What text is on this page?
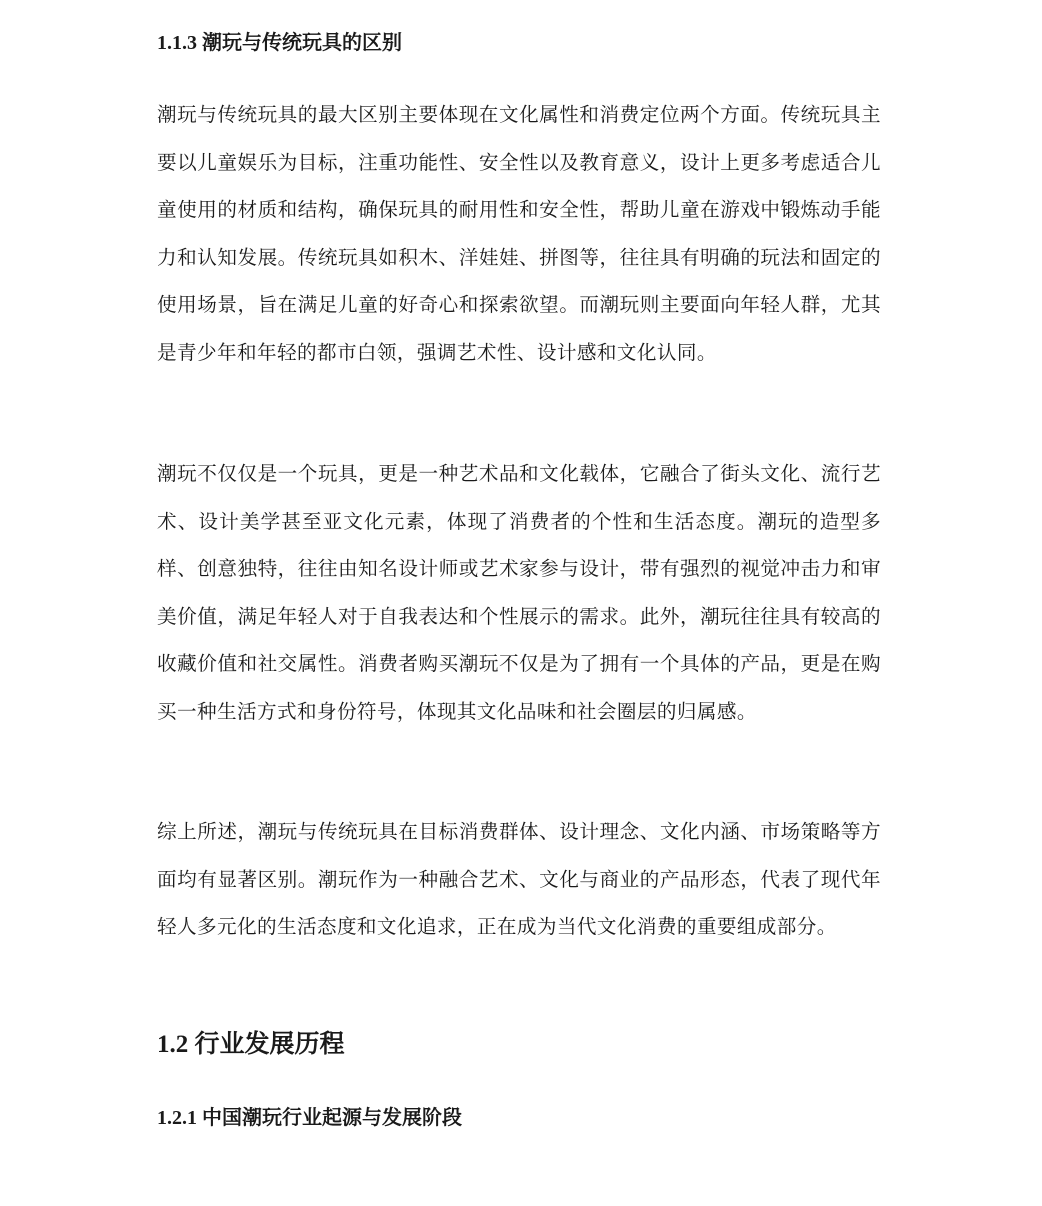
1.1.3 潮玩与传统玩具的区别

潮玩与传统玩具的最大区别主要体现在文化属性和消费定位两个方面。传统玩具主要以儿童娱乐为目标，注重功能性、安全性以及教育意义，设计上更多考虑适合儿童使用的材质和结构，确保玩具的耐用性和安全性，帮助儿童在游戏中锻炼动手能力和认知发展。传统玩具如积木、洋娃娃、拼图等，往往具有明确的玩法和固定的使用场景，旨在满足儿童的好奇心和探索欲望。而潮玩则主要面向年轻人群，尤其是青少年和年轻的都市白领，强调艺术性、设计感和文化认同。

潮玩不仅仅是一个玩具，更是一种艺术品和文化载体，它融合了街头文化、流行艺术、设计美学甚至亚文化元素，体现了消费者的个性和生活态度。潮玩的造型多样、创意独特，往往由知名设计师或艺术家参与设计，带有强烈的视觉冲击力和审美价值，满足年轻人对于自我表达和个性展示的需求。此外，潮玩往往具有较高的收藏价值和社交属性。消费者购买潮玩不仅是为了拥有一个具体的产品，更是在购买一种生活方式和身份符号，体现其文化品味和社会圈层的归属感。

综上所述，潮玩与传统玩具在目标消费群体、设计理念、文化内涵、市场策略等方面均有显著区别。潮玩作为一种融合艺术、文化与商业的产品形态，代表了现代年轻人多元化的生活态度和文化追求，正在成为当代文化消费的重要组成部分。

1.2 行业发展历程
1.2.1 中国潮玩行业起源与发展阶段
